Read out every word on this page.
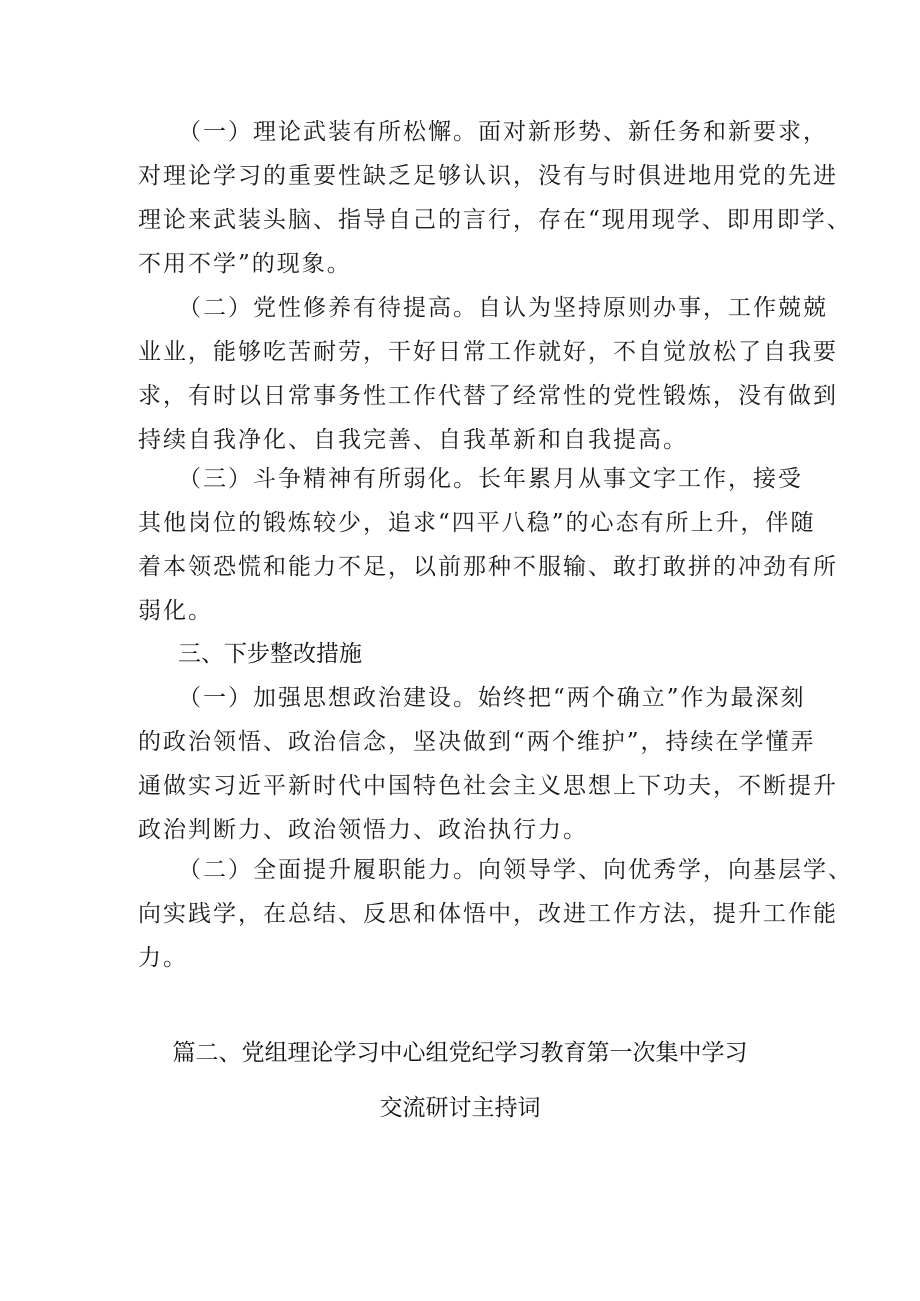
（一）理论武装有所松懈。面对新形势、新任务和新要求，
对理论学习的重要性缺乏足够认识，没有与时俱进地用党的先进
理论来武装头脑、指导自己的言行，存在“现用现学、即用即学、
不用不学”的现象。
（二）党性修养有待提高。自认为坚持原则办事，工作兢兢
业业，能够吃苦耐劳，干好日常工作就好，不自觉放松了自我要
求，有时以日常事务性工作代替了经常性的党性锻炼，没有做到
持续自我净化、自我完善、自我革新和自我提高。
（三）斗争精神有所弱化。长年累月从事文字工作，接受
其他岗位的锻炼较少，追求“四平八稳”的心态有所上升，伴随
着本领恐慌和能力不足，以前那种不服输、敢打敢拼的冲劲有所
弱化。
三、下步整改措施
（一）加强思想政治建设。始终把“两个确立”作为最深刻
的政治领悟、政治信念，坚决做到“两个维护”，持续在学懂弄
通做实习近平新时代中国特色社会主义思想上下功夫，不断提升
政治判断力、政治领悟力、政治执行力。
（二）全面提升履职能力。向领导学、向优秀学，向基层学、
向实践学，在总结、反思和体悟中，改进工作方法，提升工作能
力。
篇二、党组理论学习中心组党纪学习教育第一次集中学习
交流研讨主持词
